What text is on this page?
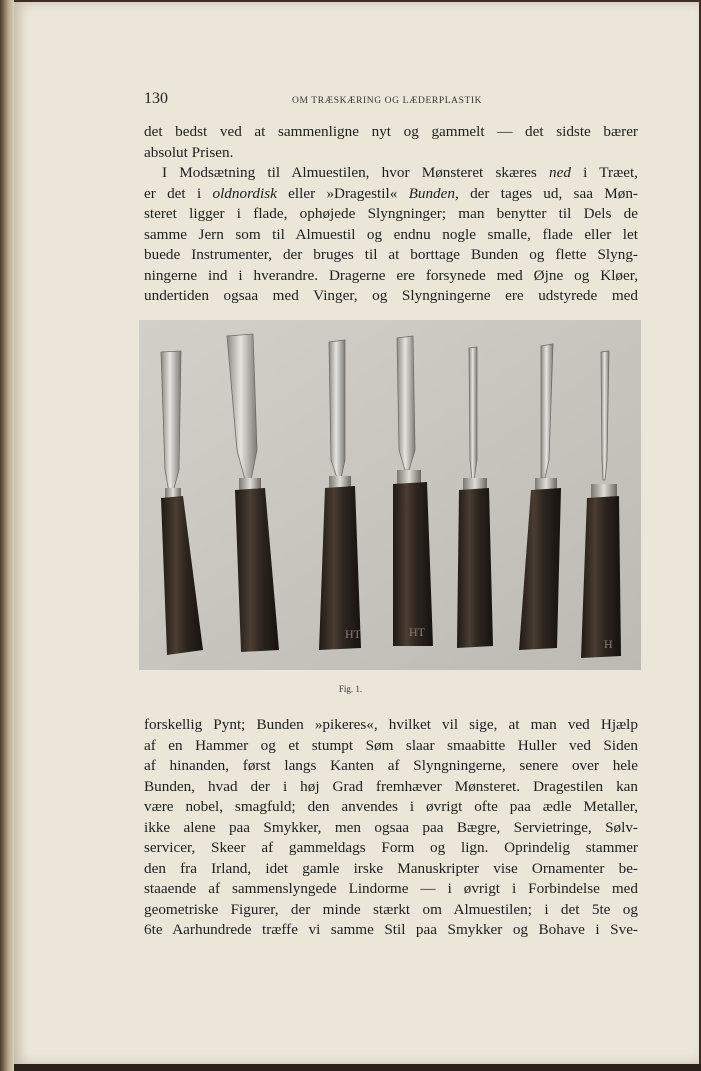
130	OM TRÆSKÆRING OG LÆDERPLASTIK
det bedst ved at sammenligne nyt og gammelt — det sidste bærer
absolut Prisen.
I Modsætning til Almuestilen, hvor Mønsteret skæres ned i Træet,
er det i oldnordisk eller »Dragestil« Bunden, der tages ud, saa Møn-
steret ligger i flade, ophøjede Slyngninger; man benytter til Dels de
samme Jern som til Almuestil og endnu nogle smalle, flade eller let
buede Instrumenter, der bruges til at borttage Bunden og flette Slyng-
ningerne ind i hverandre. Dragerne ere forsynede med Øjne og Kløer,
undertiden ogsaa med Vinger, og Slyngningerne ere udstyrede med
HT	HT
H
Fig. 1.
forskellig Pynt; Bunden »pikeres«, hvilket vil sige, at man ved Hjælp
af en Hammer og et stumpt Søm slaar smaabitte Huller ved Siden
af hinanden, først langs Kanten af Slyngningerne, senere over hele
Bunden, hvad der i høj Grad fremhæver Mønsteret. Dragestilen kan
være nobel, smagfuld; den anvendes i øvrigt ofte paa ædle Metaller,
ikke alene paa Smykker, men ogsaa paa Bægre, Servietringe, Sølv-
servicer, Skeer af gammeldags Form og lign. Oprindelig stammer
den fra Irland, idet gamle irske Manuskripter vise Ornamenter be-
staaende af sammenslyngede Lindorme — i øvrigt i Forbindelse med
geometriske Figurer, der minde stærkt om Almuestilen; i det 5te og
6te Aarhundrede træffe vi samme Stil paa Smykker og Bohave i Sve-
